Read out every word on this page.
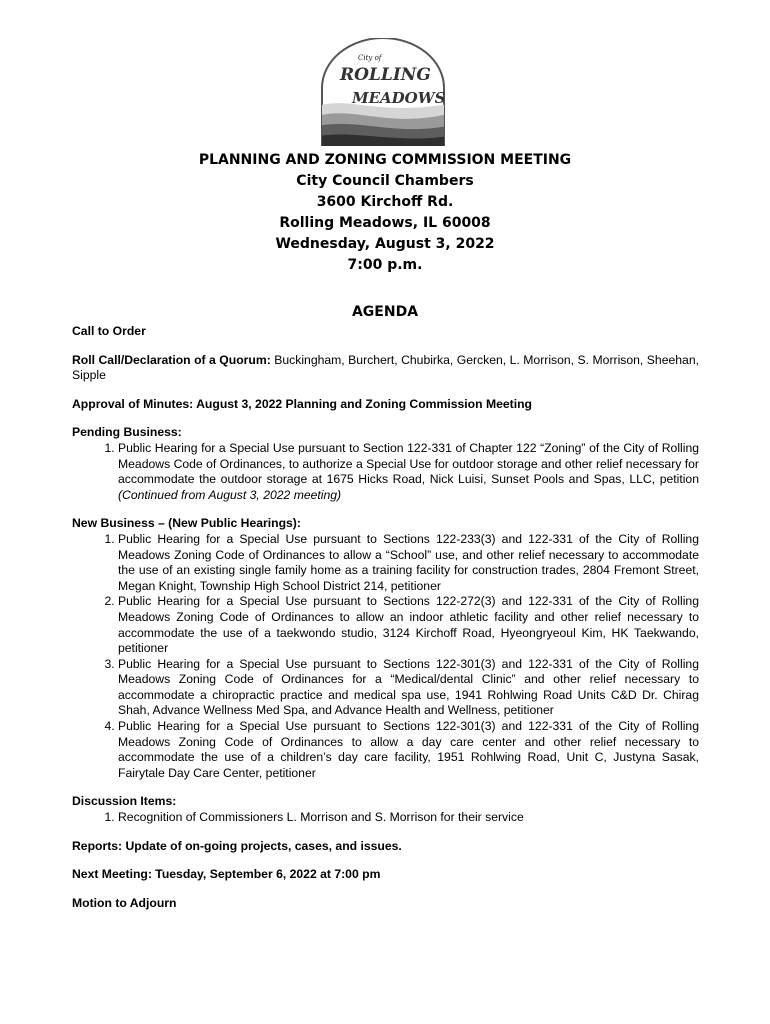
City of
ROLLING
MEADOWS
PLANNING AND ZONING COMMISSION MEETING
City Council Chambers
3600 Kirchoff Rd.
Rolling Meadows, IL 60008
Wednesday, August 3, 2022
7:00 p.m.
AGENDA
Call to Order
Roll Call/Declaration of a Quorum: Buckingham, Burchert, Chubirka, Gercken, L. Morrison, S. Morrison, Sheehan, Sipple
Approval of Minutes: August 3, 2022 Planning and Zoning Commission Meeting
Pending Business:
1. Public Hearing for a Special Use pursuant to Section 122-331 of Chapter 122 “Zoning” of the City of Rolling Meadows Code of Ordinances, to authorize a Special Use for outdoor storage and other relief necessary for accommodate the outdoor storage at 1675 Hicks Road, Nick Luisi, Sunset Pools and Spas, LLC, petition (Continued from August 3, 2022 meeting)
New Business – (New Public Hearings):
1. Public Hearing for a Special Use pursuant to Sections 122-233(3) and 122-331 of the City of Rolling Meadows Zoning Code of Ordinances to allow a “School” use, and other relief necessary to accommodate the use of an existing single family home as a training facility for construction trades, 2804 Fremont Street, Megan Knight, Township High School District 214, petitioner
2. Public Hearing for a Special Use pursuant to Sections 122-272(3) and 122-331 of the City of Rolling Meadows Zoning Code of Ordinances to allow an indoor athletic facility and other relief necessary to accommodate the use of a taekwondo studio, 3124 Kirchoff Road, Hyeongryeoul Kim, HK Taekwando, petitioner
3. Public Hearing for a Special Use pursuant to Sections 122-301(3) and 122-331 of the City of Rolling Meadows Zoning Code of Ordinances for a “Medical/dental Clinic” and other relief necessary to accommodate a chiropractic practice and medical spa use, 1941 Rohlwing Road Units C&D Dr. Chirag Shah, Advance Wellness Med Spa, and Advance Health and Wellness, petitioner
4. Public Hearing for a Special Use pursuant to Sections 122-301(3) and 122-331 of the City of Rolling Meadows Zoning Code of Ordinances to allow a day care center and other relief necessary to accommodate the use of a children’s day care facility, 1951 Rohlwing Road, Unit C, Justyna Sasak, Fairytale Day Care Center, petitioner
Discussion Items:
1. Recognition of Commissioners L. Morrison and S. Morrison for their service
Reports: Update of on-going projects, cases, and issues.
Next Meeting: Tuesday, September 6, 2022 at 7:00 pm
Motion to Adjourn
